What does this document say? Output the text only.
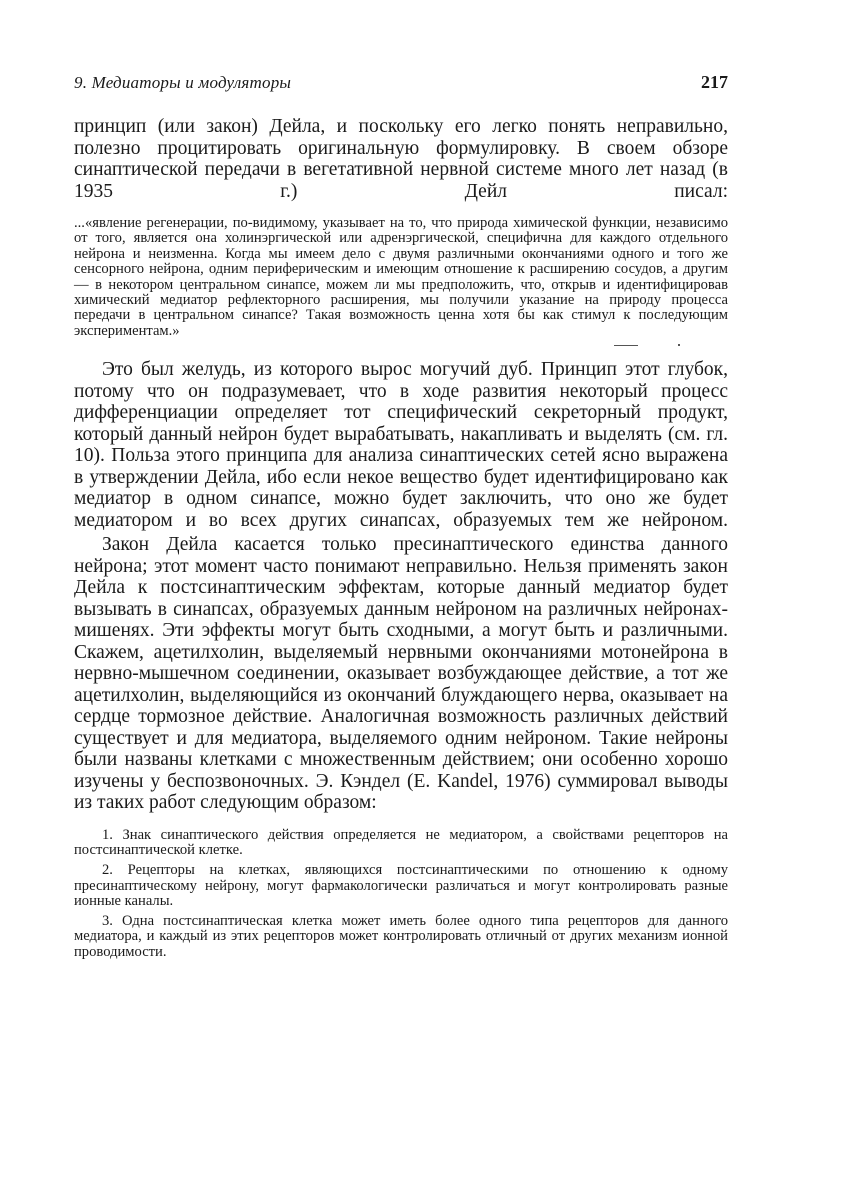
9. Медиаторы и модуляторы	217

принцип (или закон) Дейла, и поскольку его легко понять неправильно, полезно процитировать оригинальную формулировку. В своем обзоре синаптической передачи в вегетативной нервной системе много лет назад (в 1935 г.) Дейл писал:

...«явление регенерации, по-видимому, указывает на то, что природа химической функции, независимо от того, является она холинэргической или адренэргической, специфична для каждого отдельного нейрона и неизменна. Когда мы имеем дело с двумя различными окончаниями одного и того же сенсорного нейрона, одним периферическим и имеющим отношение к расширению сосудов, а другим — в некотором центральном синапсе, можем ли мы предположить, что, открыв и идентифицировав химический медиатор рефлекторного расширения, мы получили указание на природу процесса передачи в центральном синапсе? Такая возможность ценна хотя бы как стимул к последующим экспериментам.»

Это был желудь, из которого вырос могучий дуб. Принцип этот глубок, потому что он подразумевает, что в ходе развития некоторый процесс дифференциации определяет тот специфический секреторный продукт, который данный нейрон будет вырабатывать, накапливать и выделять (см. гл. 10). Польза этого принципа для анализа синаптических сетей ясно выражена в утверждении Дейла, ибо если некое вещество будет идентифицировано как медиатор в одном синапсе, можно будет заключить, что оно же будет медиатором и во всех других синапсах, образуемых тем же нейроном.

Закон Дейла касается только пресинаптического единства данного нейрона; этот момент часто понимают неправильно. Нельзя применять закон Дейла к постсинаптическим эффектам, которые данный медиатор будет вызывать в синапсах, образуемых данным нейроном на различных нейронах-мишенях. Эти эффекты могут быть сходными, а могут быть и различными. Скажем, ацетилхолин, выделяемый нервными окончаниями мотонейрона в нервно-мышечном соединении, оказывает возбуждающее действие, а тот же ацетилхолин, выделяющийся из окончаний блуждающего нерва, оказывает на сердце тормозное действие. Аналогичная возможность различных действий существует и для медиатора, выделяемого одним нейроном. Такие нейроны были названы клетками с множественным действием; они особенно хорошо изучены у беспозвоночных. Э. Кэндел (E. Kandel, 1976) суммировал выводы из таких работ следующим образом:

1. Знак синаптического действия определяется не медиатором, а свойствами рецепторов на постсинаптической клетке.

2. Рецепторы на клетках, являющихся постсинаптическими по отношению к одному пресинаптическому нейрону, могут фармакологически различаться и могут контролировать разные ионные каналы.

3. Одна постсинаптическая клетка может иметь более одного типа рецепторов для данного медиатора, и каждый из этих рецепторов может контролировать отличный от других механизм ионной проводимости.
